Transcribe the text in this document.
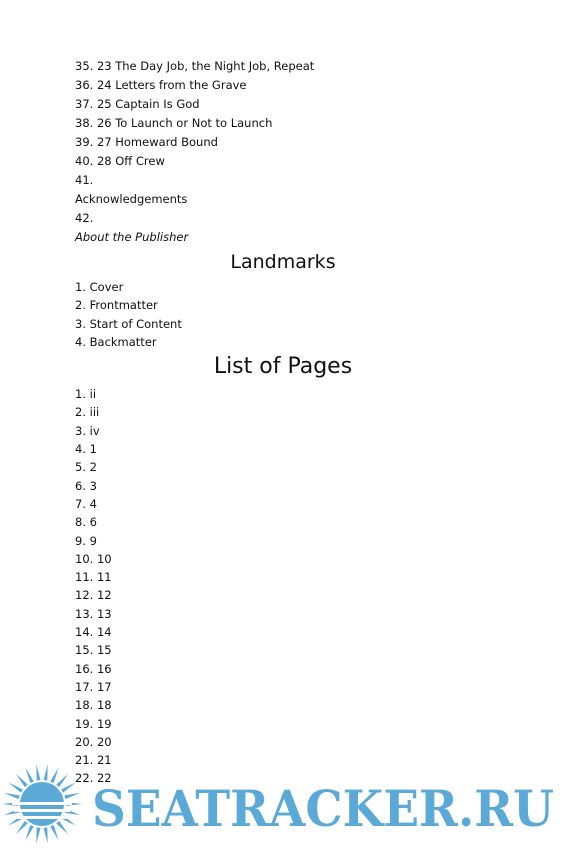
35. 23 The Day Job, the Night Job, Repeat
36. 24 Letters from the Grave
37. 25 Captain Is God
38. 26 To Launch or Not to Launch
39. 27 Homeward Bound
40. 28 Off Crew
41.
Acknowledgements
42.
About the Publisher
Landmarks
1. Cover
2. Frontmatter
3. Start of Content
4. Backmatter
List of Pages
1. ii
2. iii
3. iv
4. 1
5. 2
6. 3
7. 4
8. 6
9. 9
10. 10
11. 11
12. 12
13. 13
14. 14
15. 15
16. 16
17. 17
18. 18
19. 19
20. 20
21. 21
22. 22
SEATRACKER.RU
